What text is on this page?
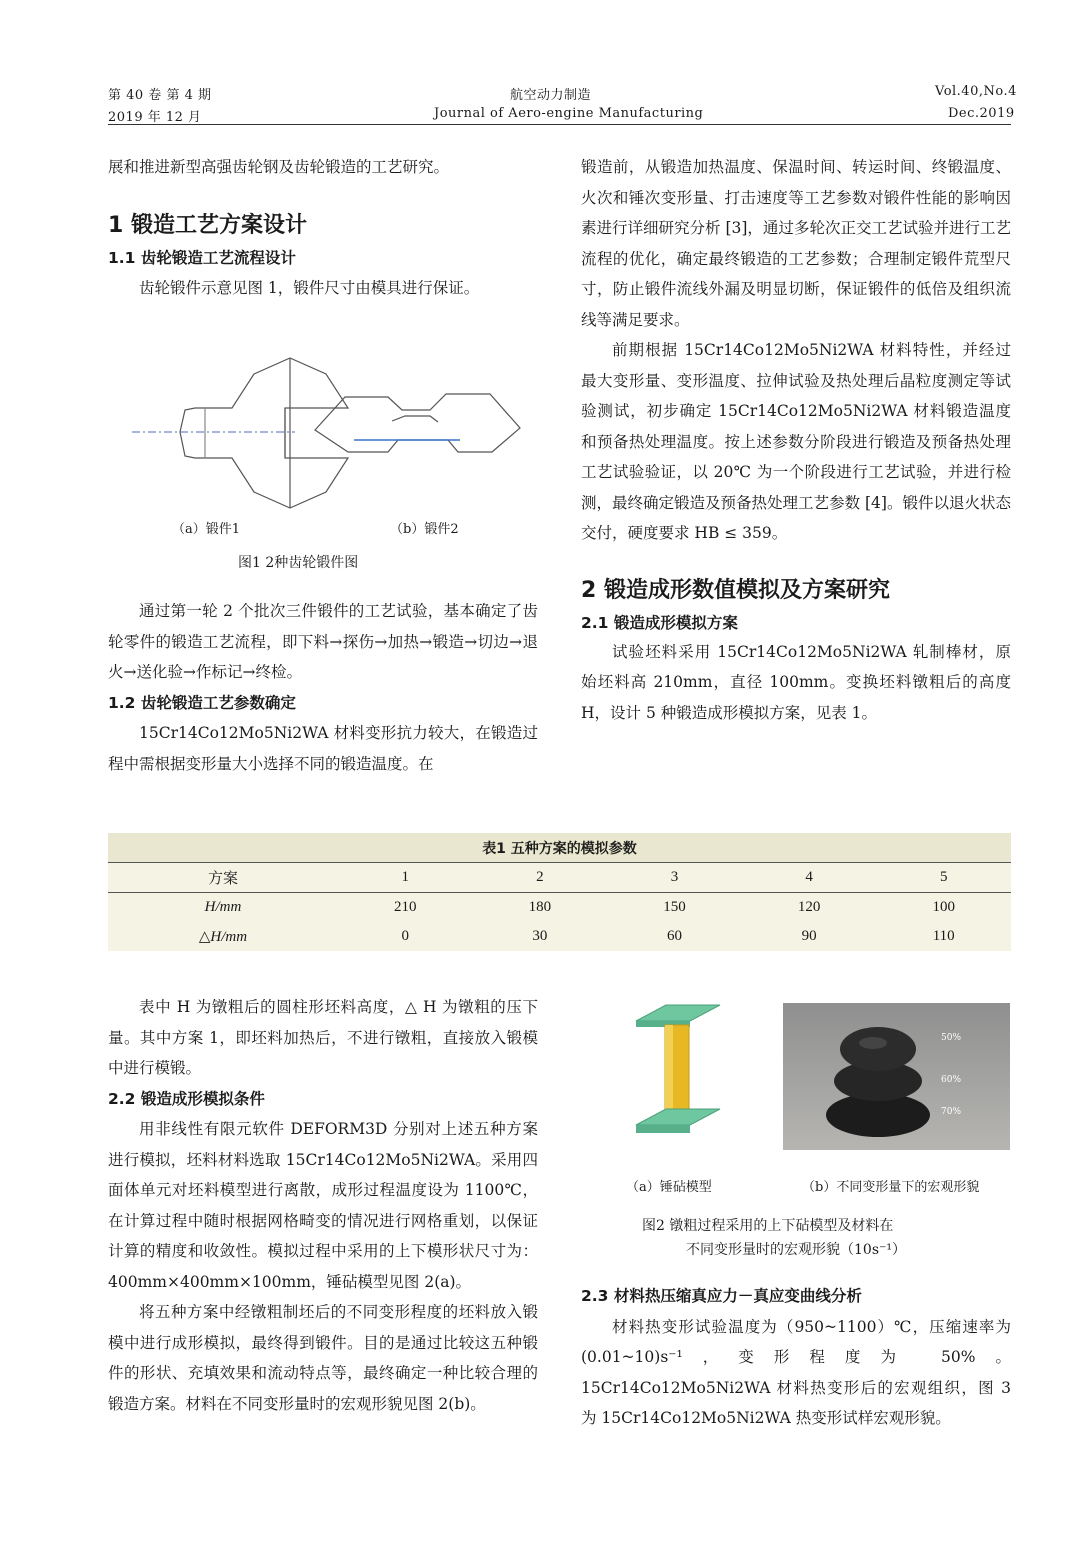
第 40 卷 第 4 期
2019 年 12 月
航空动力制造
Journal of Aero-engine Manufacturing
Vol.40,No.4
Dec.2019

展和推进新型高强齿轮钢及齿轮锻造的工艺研究。

1 锻造工艺方案设计

1.1 齿轮锻造工艺流程设计

齿轮锻件示意见图 1，锻件尺寸由模具进行保证。

（a）锻件1	（b）锻件2
图1 2种齿轮锻件图

通过第一轮 2 个批次三件锻件的工艺试验，基本确定了齿轮零件的锻造工艺流程，即下料→探伤→加热→锻造→切边→退火→送化验→作标记→终检。

1.2 齿轮锻造工艺参数确定

15Cr14Co12Mo5Ni2WA 材料变形抗力较大，在锻造过程中需根据变形量大小选择不同的锻造温度。在

锻造前，从锻造加热温度、保温时间、转运时间、终锻温度、火次和锤次变形量、打击速度等工艺参数对锻件性能的影响因素进行详细研究分析 [3]，通过多轮次正交工艺试验并进行工艺流程的优化，确定最终锻造的工艺参数；合理制定锻件荒型尺寸，防止锻件流线外漏及明显切断，保证锻件的低倍及组织流线等满足要求。

前期根据 15Cr14Co12Mo5Ni2WA 材料特性，并经过最大变形量、变形温度、拉伸试验及热处理后晶粒度测定等试验测试，初步确定 15Cr14Co12Mo5Ni2WA 材料锻造温度和预备热处理温度。按上述参数分阶段进行锻造及预备热处理工艺试验验证，以 20℃ 为一个阶段进行工艺试验，并进行检测，最终确定锻造及预备热处理工艺参数 [4]。锻件以退火状态交付，硬度要求 HB ≤ 359。

2 锻造成形数值模拟及方案研究

2.1 锻造成形模拟方案

试验坯料采用 15Cr14Co12Mo5Ni2WA 轧制棒材，原始坯料高 210mm，直径 100mm。变换坯料镦粗后的高度 H，设计 5 种锻造成形模拟方案，见表 1。

表1 五种方案的模拟参数					
方案	1	2	3	4	5
H/mm	210	180	150	120	100
△H/mm	0	30	60	90	110

表中 H 为镦粗后的圆柱形坯料高度，△ H 为镦粗的压下量。其中方案 1，即坯料加热后，不进行镦粗，直接放入锻模中进行模锻。

2.2 锻造成形模拟条件

用非线性有限元软件 DEFORM3D 分别对上述五种方案进行模拟，坯料材料选取 15Cr14Co12Mo5Ni2WA。采用四面体单元对坯料模型进行离散，成形过程温度设为 1100℃，在计算过程中随时根据网格畸变的情况进行网格重划，以保证计算的精度和收敛性。模拟过程中采用的上下模形状尺寸为：400mm×400mm×100mm，锤砧模型见图 2(a)。

将五种方案中经镦粗制坯后的不同变形程度的坯料放入锻模中进行成形模拟，最终得到锻件。目的是通过比较这五种锻件的形状、充填效果和流动特点等，最终确定一种比较合理的锻造方案。材料在不同变形量时的宏观形貌见图 2(b)。

50%
60%
70%
（a）锤砧模型	（b）不同变形量下的宏观形貌
图2 镦粗过程采用的上下砧模型及材料在
不同变形量时的宏观形貌（10s⁻¹）

2.3 材料热压缩真应力－真应变曲线分析

材料热变形试验温度为（950~1100）℃，压缩速率为(0.01~10)s⁻¹，变形程度为 50%。15Cr14Co12Mo5Ni2WA 材料热变形后的宏观组织，图 3 为 15Cr14Co12Mo5Ni2WA 热变形试样宏观形貌。
